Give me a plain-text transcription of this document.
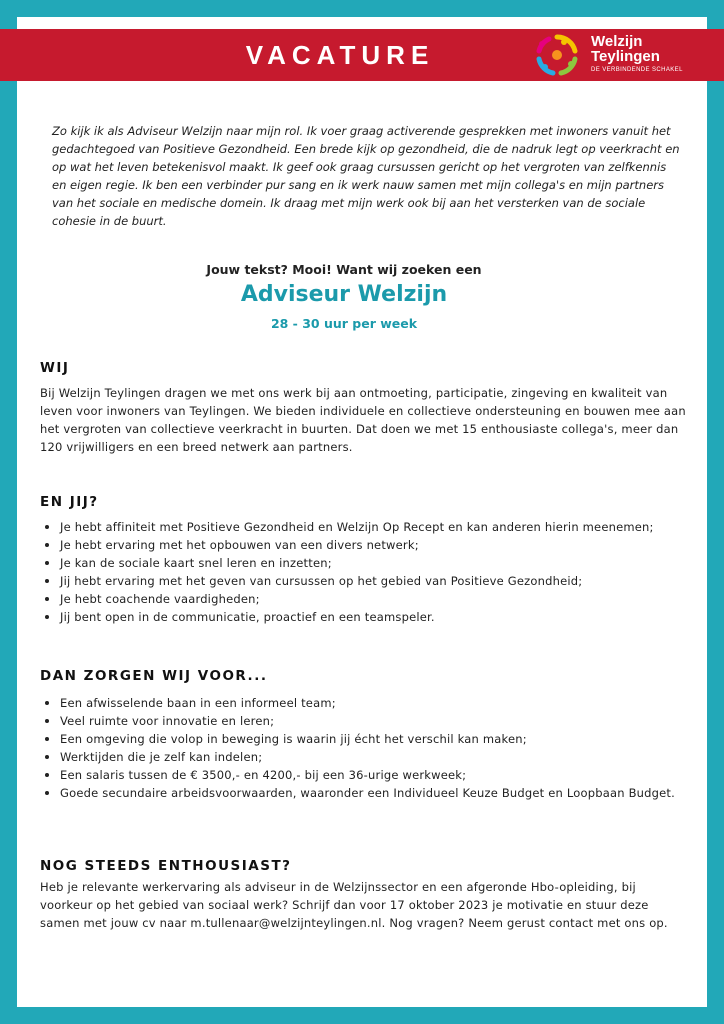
VACATURE	Welzijn
Teylingen
DE VERBINDENDE SCHAKEL
Zo kijk ik als Adviseur Welzijn naar mijn rol. Ik voer graag activerende gesprekken met inwoners vanuit het gedachtegoed van Positieve Gezondheid. Een brede kijk op gezondheid, die de nadruk legt op veerkracht en op wat het leven betekenisvol maakt. Ik geef ook graag cursussen gericht op het vergroten van zelfkennis en eigen regie. Ik ben een verbinder pur sang en ik werk nauw samen met mijn collega's en mijn partners van het sociale en medische domein. Ik draag met mijn werk ook bij aan het versterken van de sociale cohesie in de buurt.
Jouw tekst? Mooi! Want wij zoeken een
Adviseur Welzijn
28 - 30 uur per week
WIJ
Bij Welzijn Teylingen dragen we met ons werk bij aan ontmoeting, participatie, zingeving en kwaliteit van leven voor inwoners van Teylingen. We bieden individuele en collectieve ondersteuning en bouwen mee aan het vergroten van collectieve veerkracht in buurten. Dat doen we met 15 enthousiaste collega's, meer dan 120 vrijwilligers en een breed netwerk aan partners.
EN JIJ?
Je hebt affiniteit met Positieve Gezondheid en Welzijn Op Recept en kan anderen hierin meenemen;
Je hebt ervaring met het opbouwen van een divers netwerk;
Je kan de sociale kaart snel leren en inzetten;
Jij hebt ervaring met het geven van cursussen op het gebied van Positieve Gezondheid;
Je hebt coachende vaardigheden;
Jij bent open in de communicatie, proactief en een teamspeler.
DAN ZORGEN WIJ VOOR...
Een afwisselende baan in een informeel team;
Veel ruimte voor innovatie en leren;
Een omgeving die volop in beweging is waarin jij écht het verschil kan maken;
Werktijden die je zelf kan indelen;
Een salaris tussen de € 3500,- en 4200,- bij een 36-urige werkweek;
Goede secundaire arbeidsvoorwaarden, waaronder een Individueel Keuze Budget en Loopbaan Budget.
NOG STEEDS ENTHOUSIAST?
Heb je relevante werkervaring als adviseur in de Welzijnssector en een afgeronde Hbo-opleiding, bij voorkeur op het gebied van sociaal werk? Schrijf dan voor 17 oktober 2023 je motivatie en stuur deze samen met jouw cv naar m.tullenaar@welzijnteylingen.nl. Nog vragen? Neem gerust contact met ons op.
